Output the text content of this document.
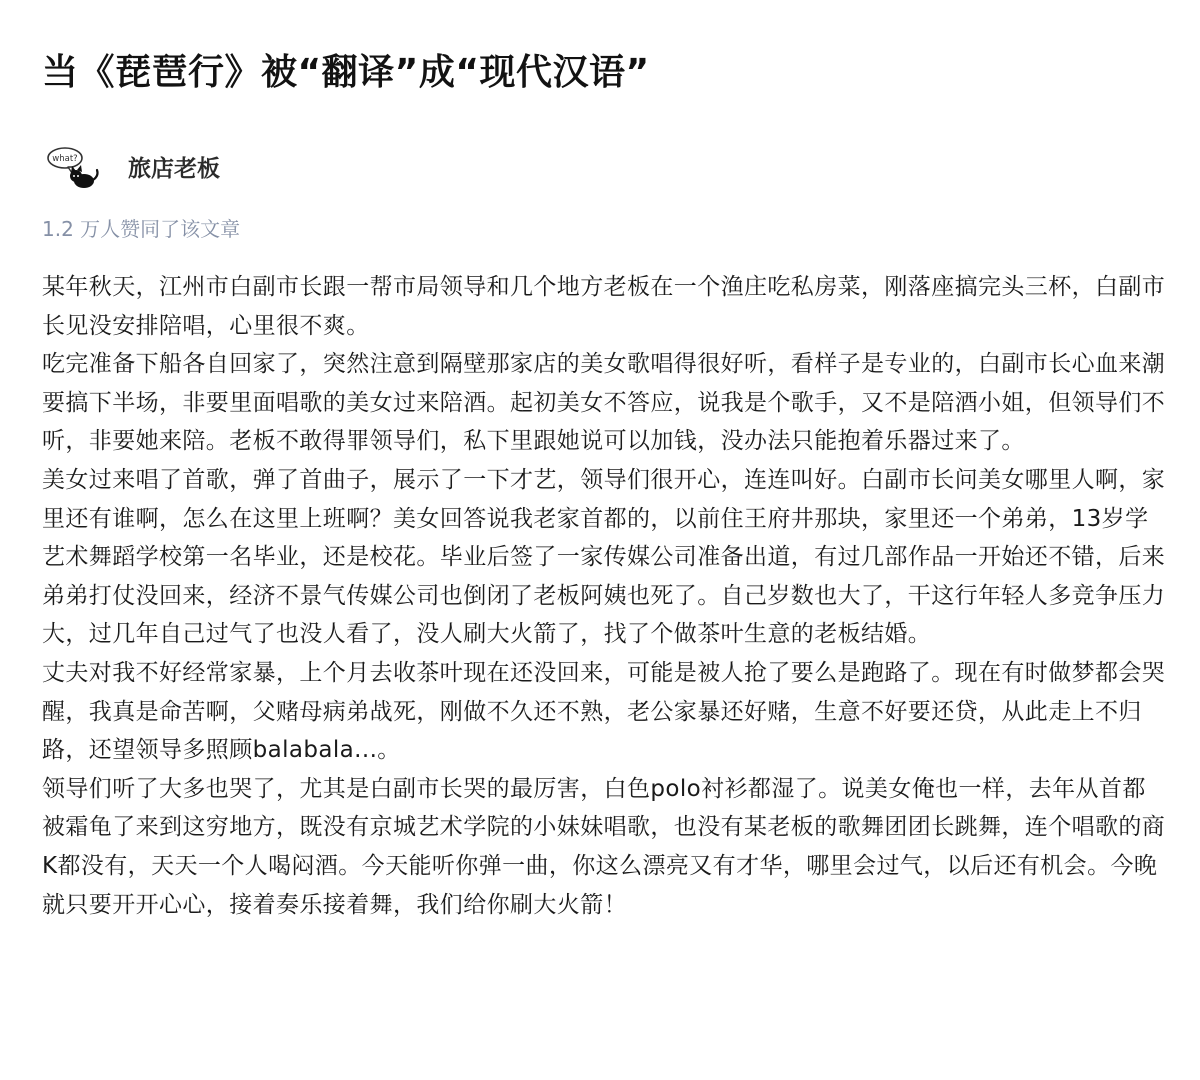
当《琵琶行》被“翻译”成“现代汉语”
what? 旅店老板
1.2 万人赞同了该文章

某年秋天，江州市白副市长跟一帮市局领导和几个地方老板在一个渔庄吃私房菜，刚落座搞完头三杯，白副市长见没安排陪唱，心里很不爽。

吃完准备下船各自回家了，突然注意到隔壁那家店的美女歌唱得很好听，看样子是专业的，白副市长心血来潮要搞下半场，非要里面唱歌的美女过来陪酒。起初美女不答应，说我是个歌手，又不是陪酒小姐，但领导们不听，非要她来陪。老板不敢得罪领导们，私下里跟她说可以加钱，没办法只能抱着乐器过来了。

美女过来唱了首歌，弹了首曲子，展示了一下才艺，领导们很开心，连连叫好。白副市长问美女哪里人啊，家里还有谁啊，怎么在这里上班啊？美女回答说我老家首都的，以前住王府井那块，家里还一个弟弟，13岁学艺术舞蹈学校第一名毕业，还是校花。毕业后签了一家传媒公司准备出道，有过几部作品一开始还不错，后来弟弟打仗没回来，经济不景气传媒公司也倒闭了老板阿姨也死了。自己岁数也大了，干这行年轻人多竞争压力大，过几年自己过气了也没人看了，没人刷大火箭了，找了个做茶叶生意的老板结婚。

丈夫对我不好经常家暴，上个月去收茶叶现在还没回来，可能是被人抢了要么是跑路了。现在有时做梦都会哭醒，我真是命苦啊，父赌母病弟战死，刚做不久还不熟，老公家暴还好赌，生意不好要还贷，从此走上不归路，还望领导多照顾balabala...。

领导们听了大多也哭了，尤其是白副市长哭的最厉害，白色polo衬衫都湿了。说美女俺也一样，去年从首都被霜龟了来到这穷地方，既没有京城艺术学院的小妹妹唱歌，也没有某老板的歌舞团团长跳舞，连个唱歌的商K都没有，天天一个人喝闷酒。今天能听你弹一曲，你这么漂亮又有才华，哪里会过气，以后还有机会。今晚就只要开开心心，接着奏乐接着舞，我们给你刷大火箭！
